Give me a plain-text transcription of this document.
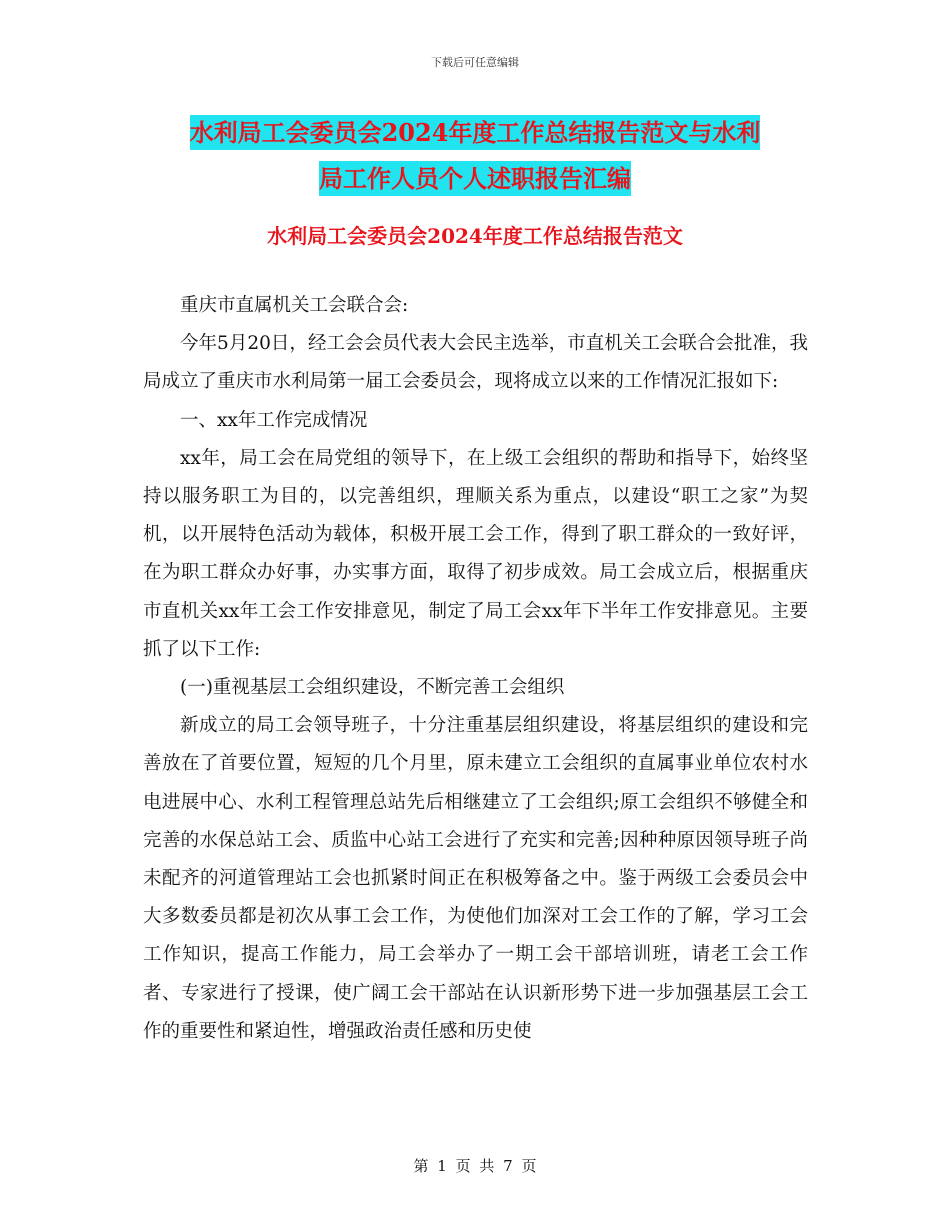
下载后可任意编辑
水利局工会委员会2024年度工作总结报告范文与水利
局工作人员个人述职报告汇编
水利局工会委员会2024年度工作总结报告范文

重庆市直属机关工会联合会:

今年5月20日，经工会会员代表大会民主选举，市直机关工会联合会批准，我局成立了重庆市水利局第一届工会委员会，现将成立以来的工作情况汇报如下:

一、xx年工作完成情况

xx年，局工会在局党组的领导下，在上级工会组织的帮助和指导下，始终坚持以服务职工为目的，以完善组织，理顺关系为重点，以建设“职工之家”为契机，以开展特色活动为载体，积极开展工会工作，得到了职工群众的一致好评，在为职工群众办好事，办实事方面，取得了初步成效。局工会成立后，根据重庆市直机关xx年工会工作安排意见，制定了局工会xx年下半年工作安排意见。主要抓了以下工作:

(一)重视基层工会组织建设，不断完善工会组织

新成立的局工会领导班子，十分注重基层组织建设，将基层组织的建设和完善放在了首要位置，短短的几个月里，原未建立工会组织的直属事业单位农村水电进展中心、水利工程管理总站先后相继建立了工会组织;原工会组织不够健全和完善的水保总站工会、质监中心站工会进行了充实和完善;因种种原因领导班子尚未配齐的河道管理站工会也抓紧时间正在积极筹备之中。鉴于两级工会委员会中大多数委员都是初次从事工会工作，为使他们加深对工会工作的了解，学习工会工作知识，提高工作能力，局工会举办了一期工会干部培训班，请老工会工作者、专家进行了授课，使广阔工会干部站在认识新形势下进一步加强基层工会工作的重要性和紧迫性，增强政治责任感和历史使

第 1 页 共 7 页
